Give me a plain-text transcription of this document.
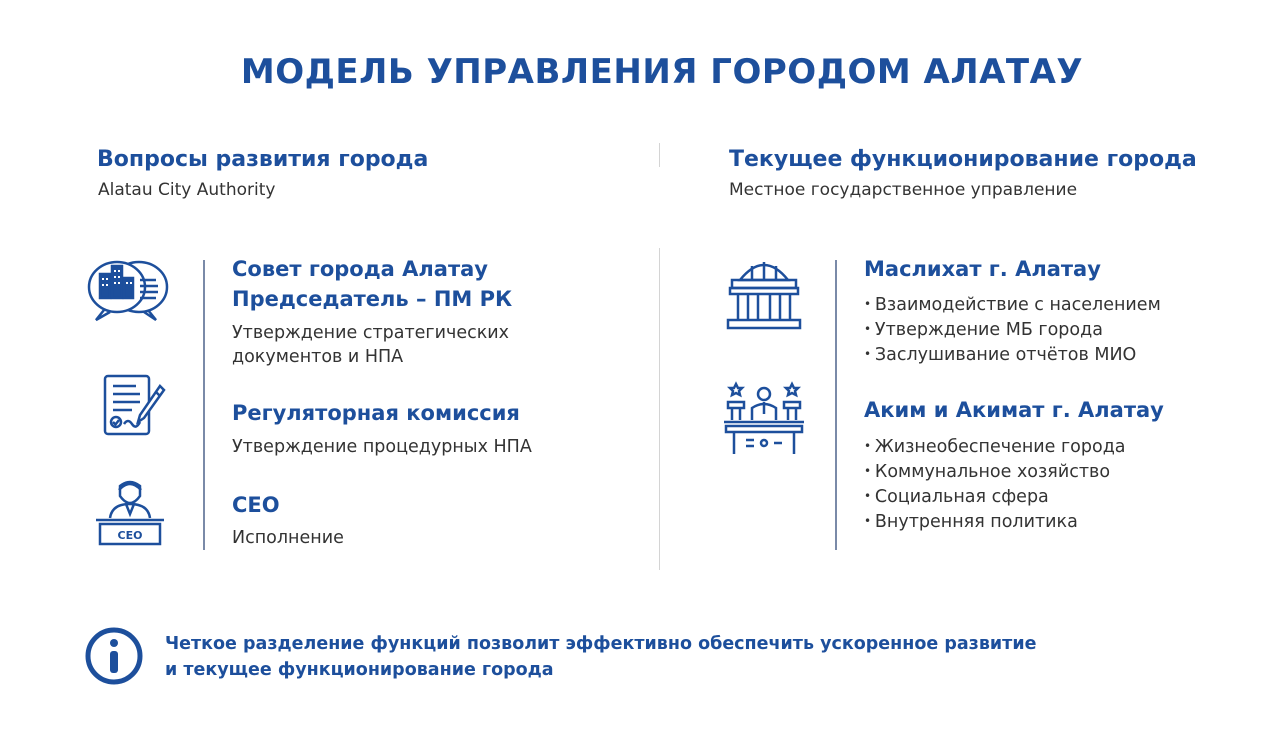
МОДЕЛЬ УПРАВЛЕНИЯ ГОРОДОМ АЛАТАУ
Вопросы развития города
Alatau City Authority
Текущее функционирование города
Местное государственное управление
Совет города Алатау
Председатель – ПМ РК
Утверждение стратегических
документов и НПА
Регуляторная комиссия
Утверждение процедурных НПА
CEO
CEO
Исполнение
Маслихат г. Алатау
• Взаимодействие с населением
• Утверждение МБ города
• Заслушивание отчётов МИО
Аким и Акимат г. Алатау
• Жизнеобеспечение города
• Коммунальное хозяйство
• Социальная сфера
• Внутренняя политика
Четкое разделение функций позволит эффективно обеспечить ускоренное развитие
и текущее функционирование города
